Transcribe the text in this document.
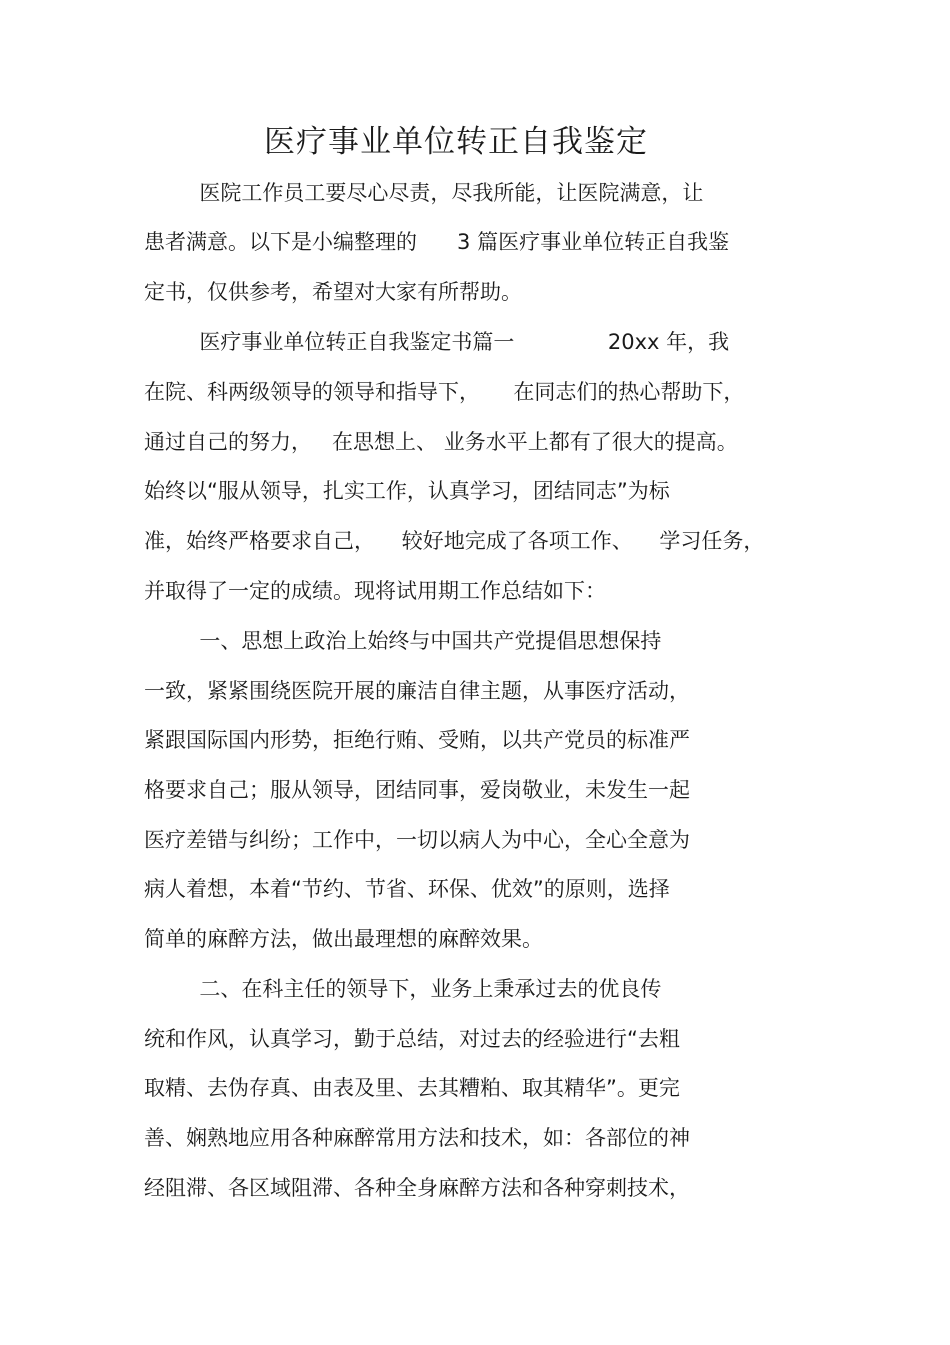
医疗事业单位转正自我鉴定

医院工作员工要尽心尽责，尽我所能，让医院满意，让

患者满意。以下是小编整理的      3 篇医疗事业单位转正自我鉴

定书，仅供参考，希望对大家有所帮助。

医疗事业单位转正自我鉴定书篇一              20xx 年，我

在院、科两级领导的领导和指导下，     在同志们的热心帮助下，

通过自己的努力，   在思想上、 业务水平上都有了很大的提高。

始终以“服从领导，扎实工作，认真学习，团结同志”为标

准，始终严格要求自己，    较好地完成了各项工作、    学习任务，

并取得了一定的成绩。现将试用期工作总结如下：

一、思想上政治上始终与中国共产党提倡思想保持

一致，紧紧围绕医院开展的廉洁自律主题，从事医疗活动，

紧跟国际国内形势，拒绝行贿、受贿，以共产党员的标准严

格要求自己；服从领导，团结同事，爱岗敬业，未发生一起

医疗差错与纠纷；工作中，一切以病人为中心，全心全意为

病人着想，本着“节约、节省、环保、优效”的原则，选择

简单的麻醉方法，做出最理想的麻醉效果。

二、在科主任的领导下，业务上秉承过去的优良传

统和作风，认真学习，勤于总结，对过去的经验进行“去粗

取精、去伪存真、由表及里、去其糟粕、取其精华”。更完

善、娴熟地应用各种麻醉常用方法和技术，如：各部位的神

经阻滞、各区域阻滞、各种全身麻醉方法和各种穿刺技术，
